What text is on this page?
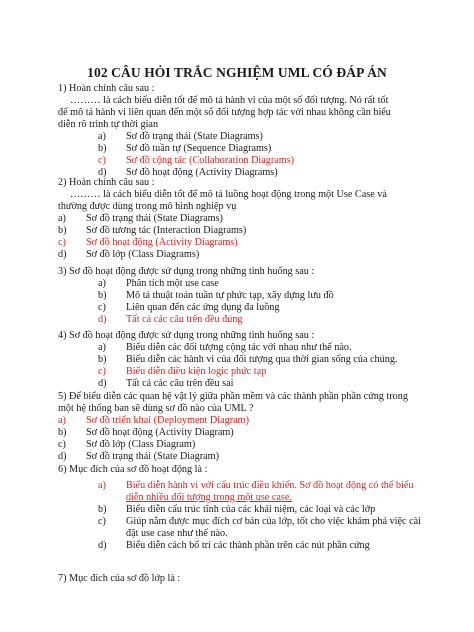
102 CÂU HỎI TRẮC NGHIỆM UML CÓ ĐÁP ÁN
1) Hoàn chỉnh câu sau :
……… là cách biểu diễn tốt để mô tả hành vi của một số đối tượng. Nó rất tốt
để mô tả hành vi liên quan đến một số đối tượng hợp tác với nhau không cần biểu
diễn rõ trình tự thời gian
a) Sơ đồ trạng thái (State Diagrams)
b) Sơ đồ tuần tự (Sequence Diagrams)
c) Sơ đồ cộng tác (Collaboration Diagrams)
d) Sơ đồ hoạt động (Activity Diagrams)
2) Hoàn chỉnh câu sau :
……… là cách biểu diễn tốt để mô tả luồng hoạt động trong một Use Case và
thường được dùng trong mô hình nghiệp vụ
a) Sơ đồ trạng thái (State Diagrams)
b) Sơ đồ tương tác (Interaction Diagrams)
c) Sơ đồ hoạt động (Activity Diagrams)
d) Sơ đồ lớp (Class Diagrams)
3) Sơ đồ hoạt động được sử dụng trong những tình huống sau :
a) Phân tích một use case
b) Mô tả thuật toán tuần tự phức tạp, xây dựng lưu đồ
c) Liên quan đến các ứng dụng đa luồng
d) Tất cả các câu trên đều đúng
4) Sơ đồ hoạt động được sử dụng trong những tình huống sau :
a) Biểu diễn các đối tượng cộng tác với nhau như thế nào.
b) Biểu diễn các hành vi của đối tượng qua thời gian sống của chúng.
c) Biểu diễn điều kiện logic phức tạp
d) Tất cả các câu trên đều sai
5) Để biểu diễn các quan hệ vật lý giữa phần mềm và các thành phần phần cứng trong
một hệ thống ban sẽ dùng sơ đồ nào của UML ?
a) Sơ đồ triển khai (Deployment Diagram)
b) Sơ đồ hoạt động (Activity Diagram)
c) Sơ đồ lớp (Class Diagram)
d) Sơ đồ trạng thái (State Diagram)
6) Mục đích của sơ đồ hoạt động là :
a) Biểu diễn hành vi với cấu trúc điều khiển. Sơ đồ hoạt động có thể biểu
diễn nhiều đối tượng trong một use case.
b) Biểu diễn cấu trúc tĩnh của các khái niệm, các loại và các lớp
c) Giúp nắm được mục đích cơ bản của lớp, tốt cho việc khám phá việc cài
đặt use case như thế nào.
d) Biểu diễn cách bố trí các thành phần trên các nút phần cứng
7) Mục đích của sơ đồ lớp là :
